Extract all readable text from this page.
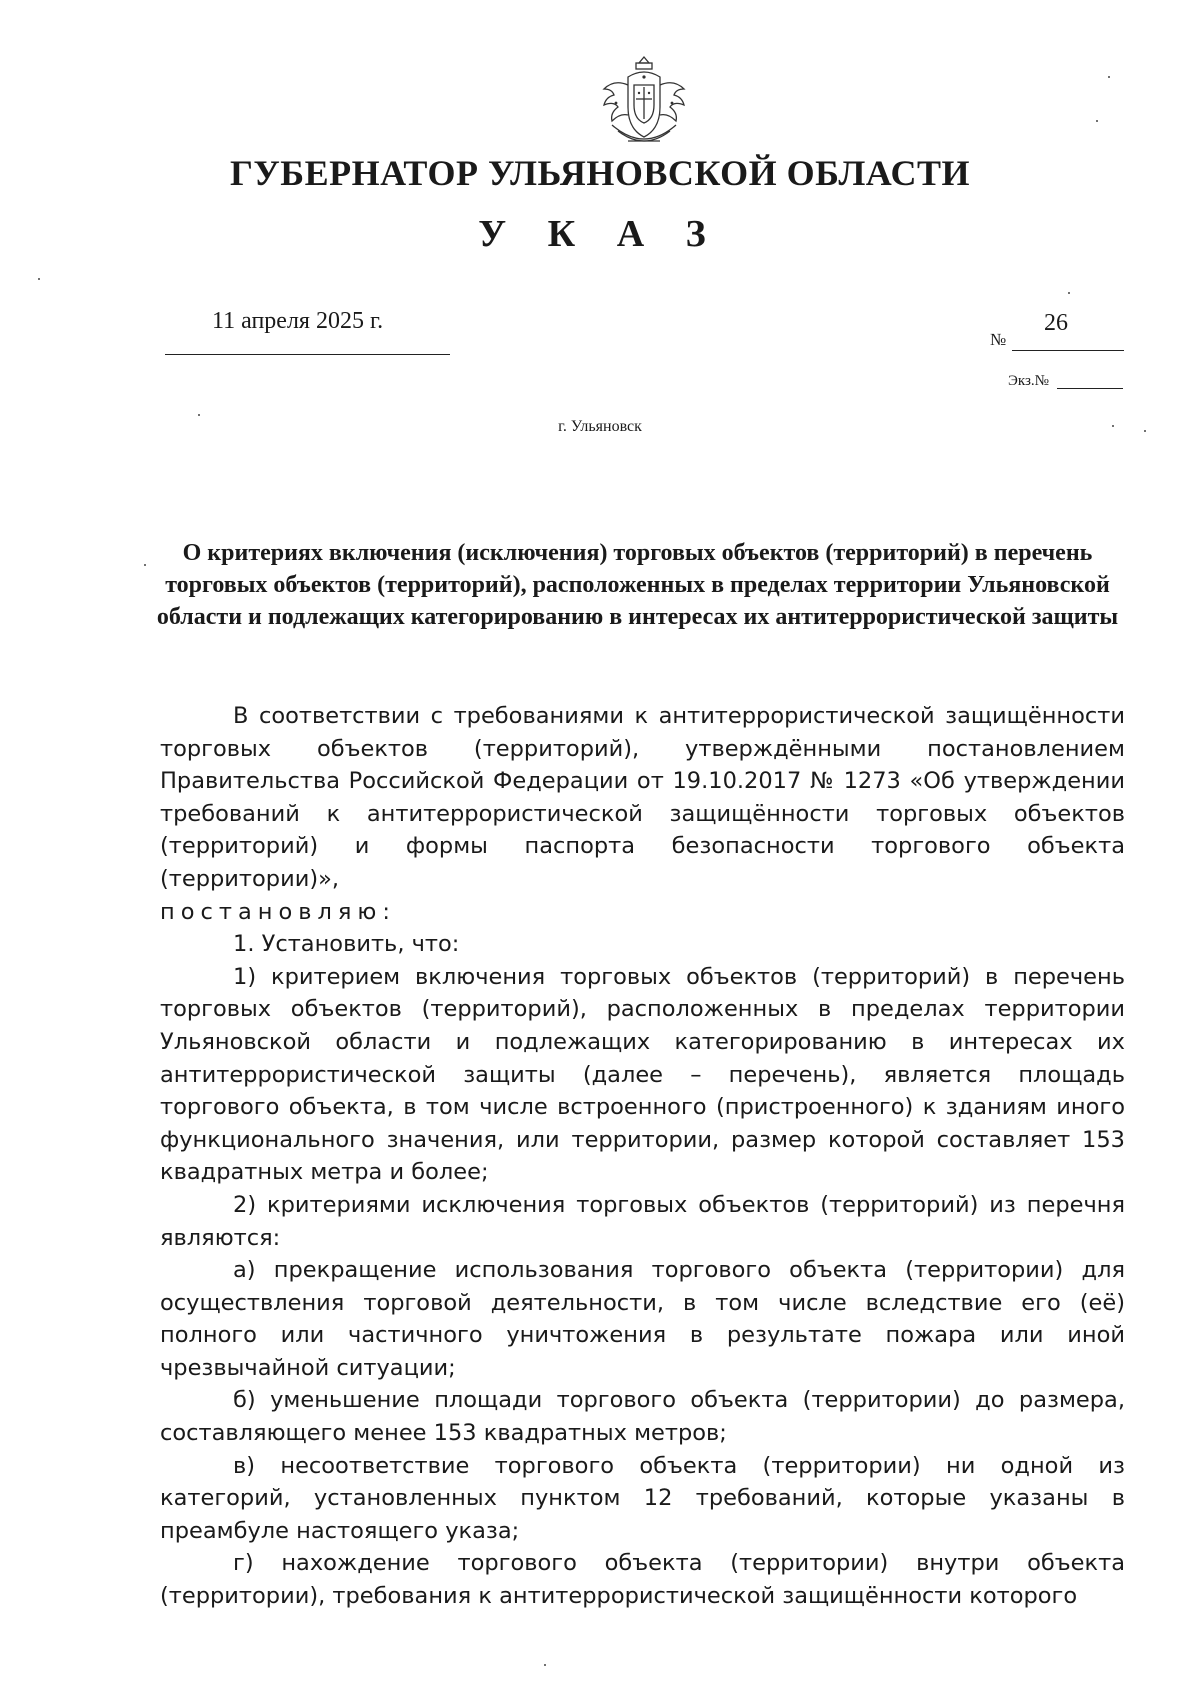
ГУБЕРНАТОР УЛЬЯНОВСКОЙ ОБЛАСТИ
У К А З
11 апреля 2025 г.
№
26
Экз.№
г. Ульяновск
О критериях включения (исключения) торговых объектов (территорий) в перечень торговых объектов (территорий), расположенных в пределах территории Ульяновской области и подлежащих категорированию в интересах их антитеррористической защиты

В соответствии с требованиями к антитеррористической защищённости торговых объектов (территорий), утверждёнными постановлением Правительства Российской Федерации от 19.10.2017 № 1273 «Об утверждении требований к антитеррористической защищённости торговых объектов (территорий) и формы паспорта безопасности торгового объекта (территории)»,

постановляю:

1. Установить, что:

1) критерием включения торговых объектов (территорий) в перечень торговых объектов (территорий), расположенных в пределах территории Ульяновской области и подлежащих категорированию в интересах их антитеррористической защиты (далее – перечень), является площадь торгового объекта, в том числе встроенного (пристроенного) к зданиям иного функционального значения, или территории, размер которой составляет 153 квадратных метра и более;

2) критериями исключения торговых объектов (территорий) из перечня являются:

а) прекращение использования торгового объекта (территории) для осуществления торговой деятельности, в том числе вследствие его (её) полного или частичного уничтожения в результате пожара или иной чрезвычайной ситуации;

б) уменьшение площади торгового объекта (территории) до размера, составляющего менее 153 квадратных метров;

в) несоответствие торгового объекта (территории) ни одной из категорий, установленных пунктом 12 требований, которые указаны в преамбуле настоящего указа;

г) нахождение торгового объекта (территории) внутри объекта (территории), требования к антитеррористической защищённости которого
